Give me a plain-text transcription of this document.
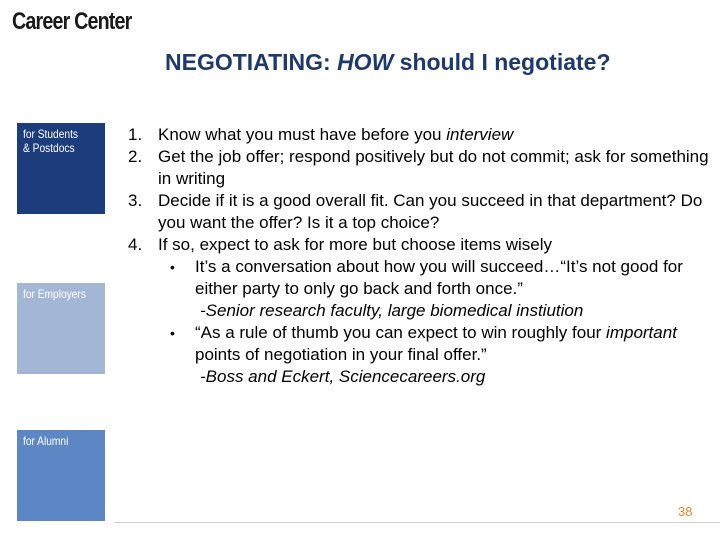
Career Center
NEGOTIATING: HOW should I negotiate?
for Students
& Postdocs
for Employers
for Alumni
1. Know what you must have before you interview
2. Get the job offer; respond positively but do not commit; ask for something in writing
3. Decide if it is a good overall fit. Can you succeed in that department? Do you want the offer? Is it a top choice?
4. If so, expect to ask for more but choose items wisely
• It’s a conversation about how you will succeed…“It’s not good for either party to only go back and forth once.”
-Senior research faculty, large biomedical instiution
• “As a rule of thumb you can expect to win roughly four important points of negotiation in your final offer.”
-Boss and Eckert, Sciencecareers.org
38
